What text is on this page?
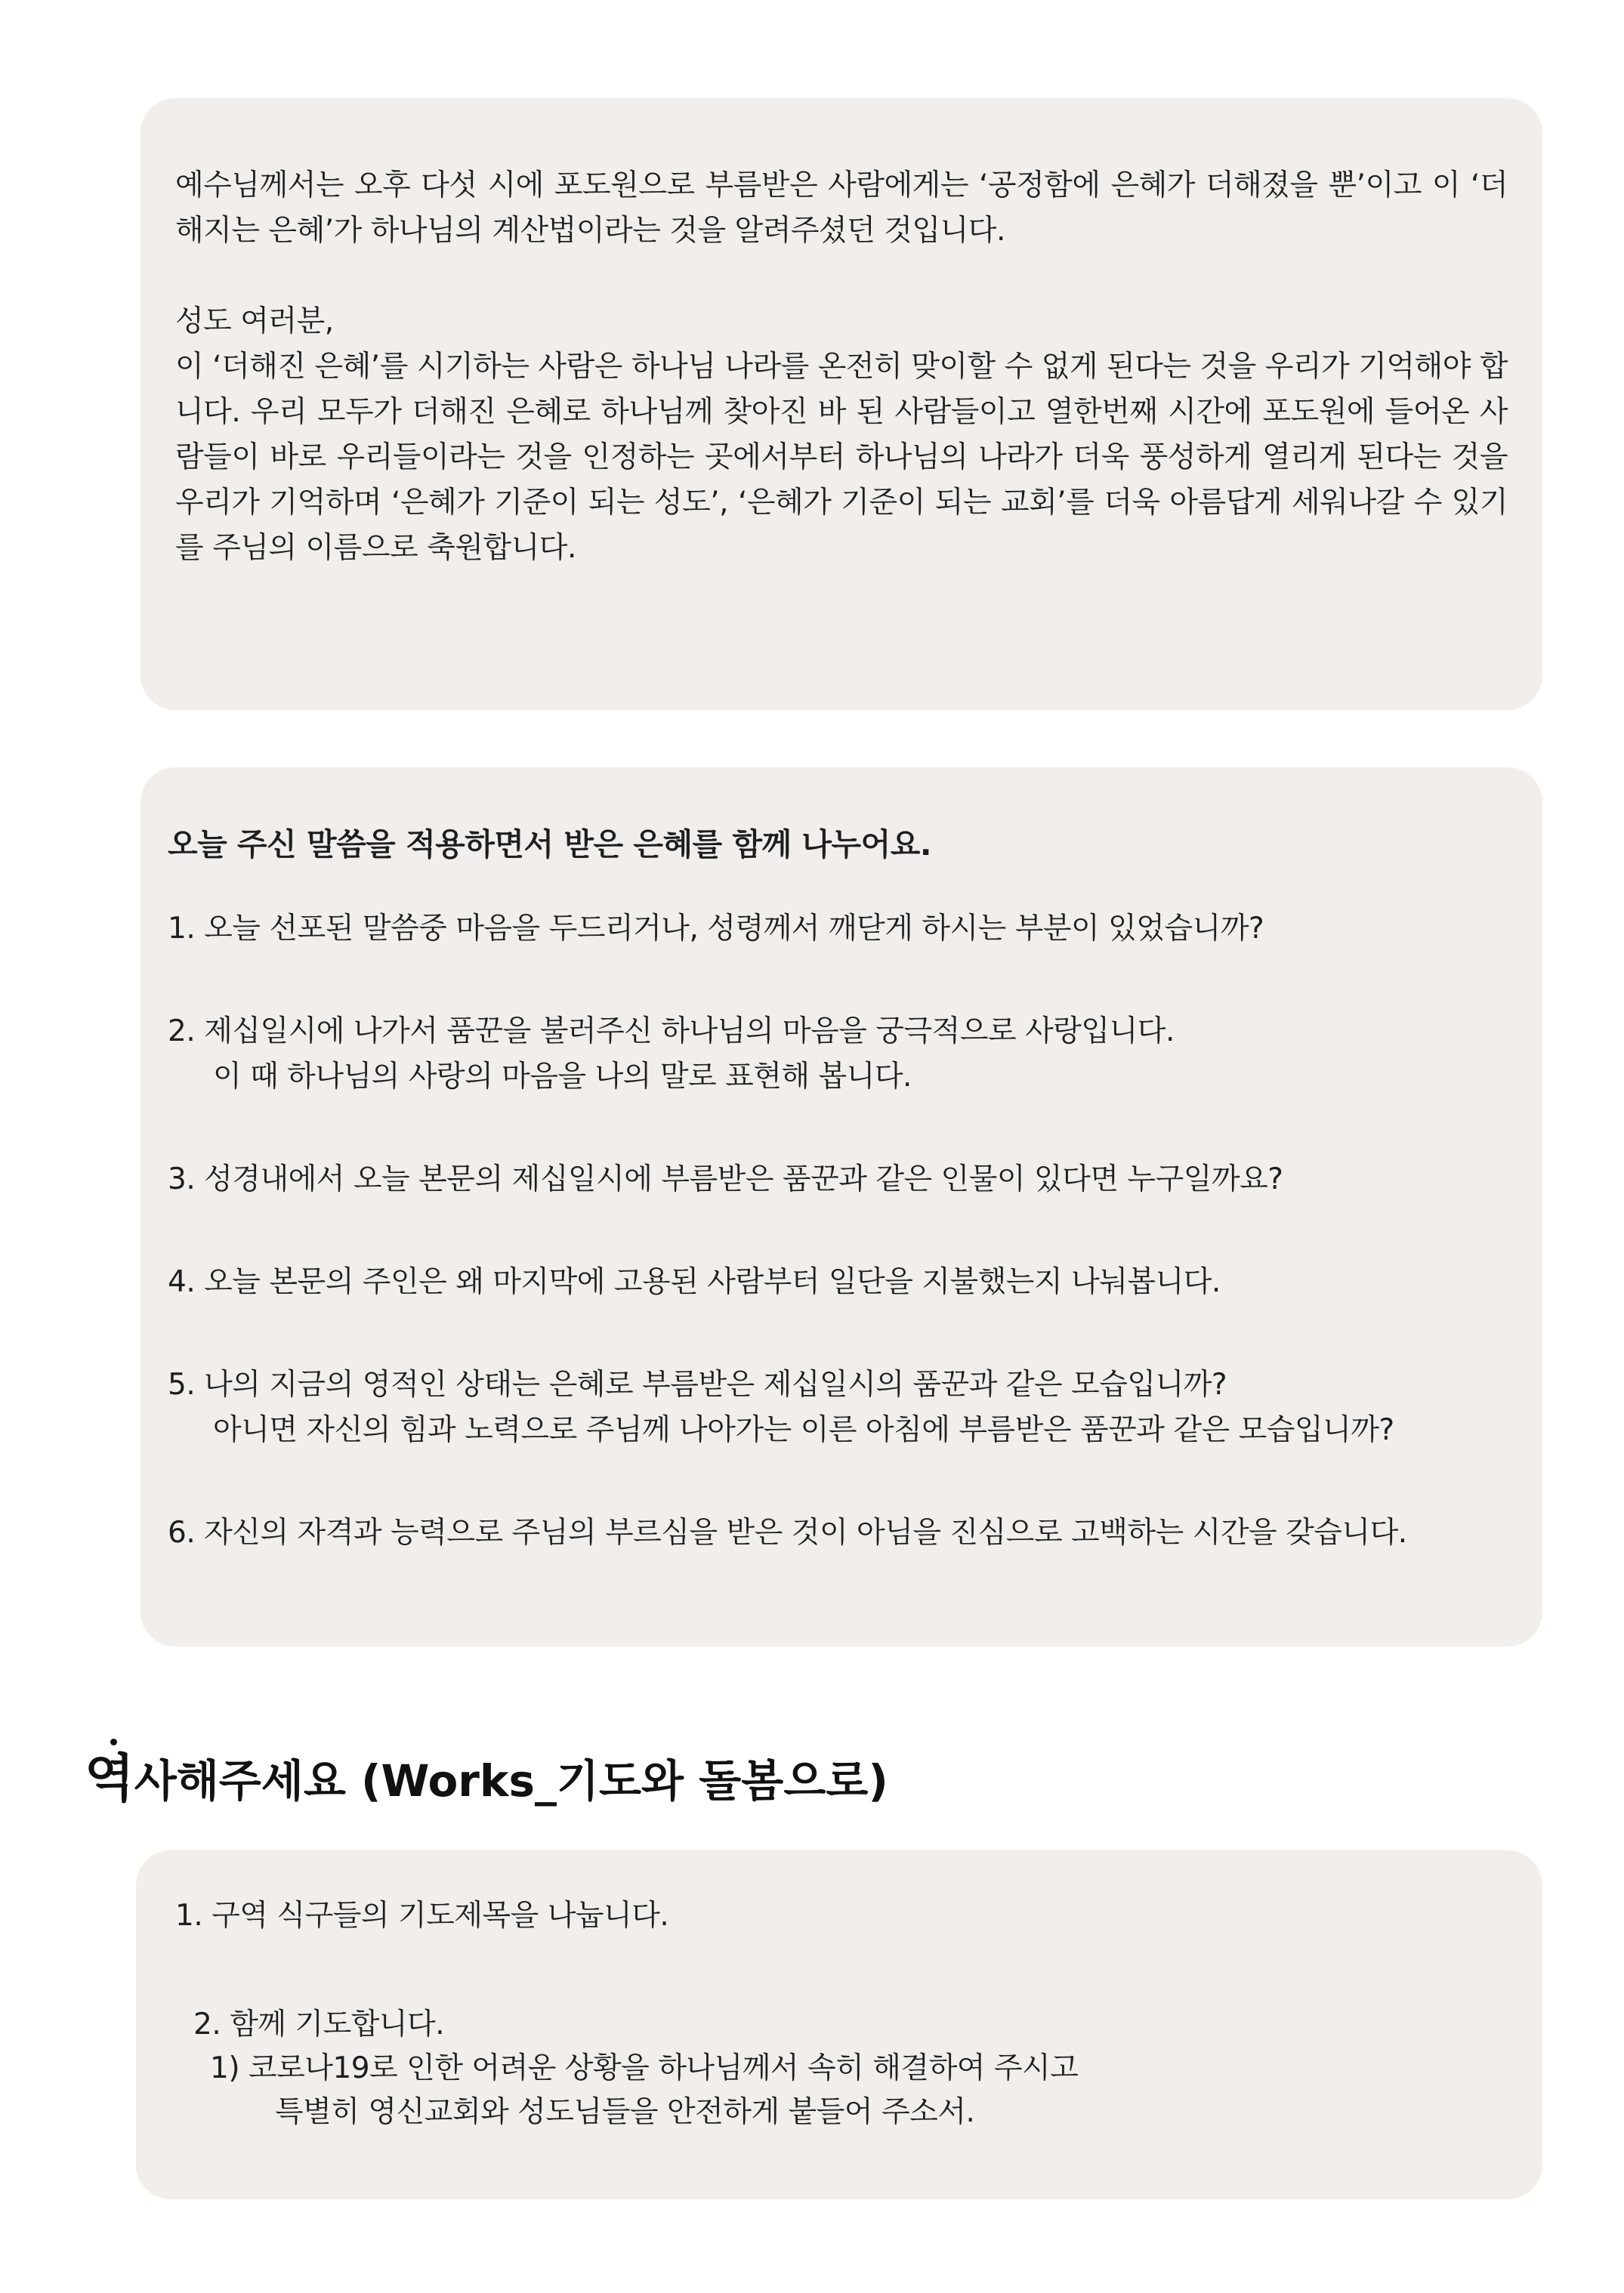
예수님께서는 오후 다섯 시에 포도원으로 부름받은 사람에게는 ‘공정함에 은혜가 더해졌을 뿐’이고 이 ‘더해지는 은혜’가 하나님의 계산법이라는 것을 알려주셨던 것입니다.

성도 여러분,

이 ‘더해진 은혜’를 시기하는 사람은 하나님 나라를 온전히 맞이할 수 없게 된다는 것을 우리가 기억해야 합니다. 우리 모두가 더해진 은혜로 하나님께 찾아진 바 된 사람들이고 열한번째 시간에 포도원에 들어온 사람들이 바로 우리들이라는 것을 인정하는 곳에서부터 하나님의 나라가 더욱 풍성하게 열리게 된다는 것을 우리가 기억하며 ‘은혜가 기준이 되는 성도’, ‘은혜가 기준이 되는 교회’를 더욱 아름답게 세워나갈 수 있기를 주님의 이름으로 축원합니다.

오늘 주신 말씀을 적용하면서 받은 은혜를 함께 나누어요.

1. 오늘 선포된 말씀중 마음을 두드리거나, 성령께서 깨닫게 하시는 부분이 있었습니까?

2. 제십일시에 나가서 품꾼을 불러주신 하나님의 마음을 궁극적으로 사랑입니다.
이 때 하나님의 사랑의 마음을 나의 말로 표현해 봅니다.

3. 성경내에서 오늘 본문의 제십일시에 부름받은 품꾼과 같은 인물이 있다면 누구일까요?

4. 오늘 본문의 주인은 왜 마지막에 고용된 사람부터 일단을 지불했는지 나눠봅니다.

5. 나의 지금의 영적인 상태는 은혜로 부름받은 제십일시의 품꾼과 같은 모습입니까?
아니면 자신의 힘과 노력으로 주님께 나아가는 이른 아침에 부름받은 품꾼과 같은 모습입니까?

6. 자신의 자격과 능력으로 주님의 부르심을 받은 것이 아님을 진심으로 고백하는 시간을 갖습니다.

역사해주세요 (Works_기도와 돌봄으로)

1. 구역 식구들의 기도제목을 나눕니다.

2. 함께 기도합니다.

1) 코로나19로 인한 어려운 상황을 하나님께서 속히 해결하여 주시고
특별히 영신교회와 성도님들을 안전하게 붙들어 주소서.
